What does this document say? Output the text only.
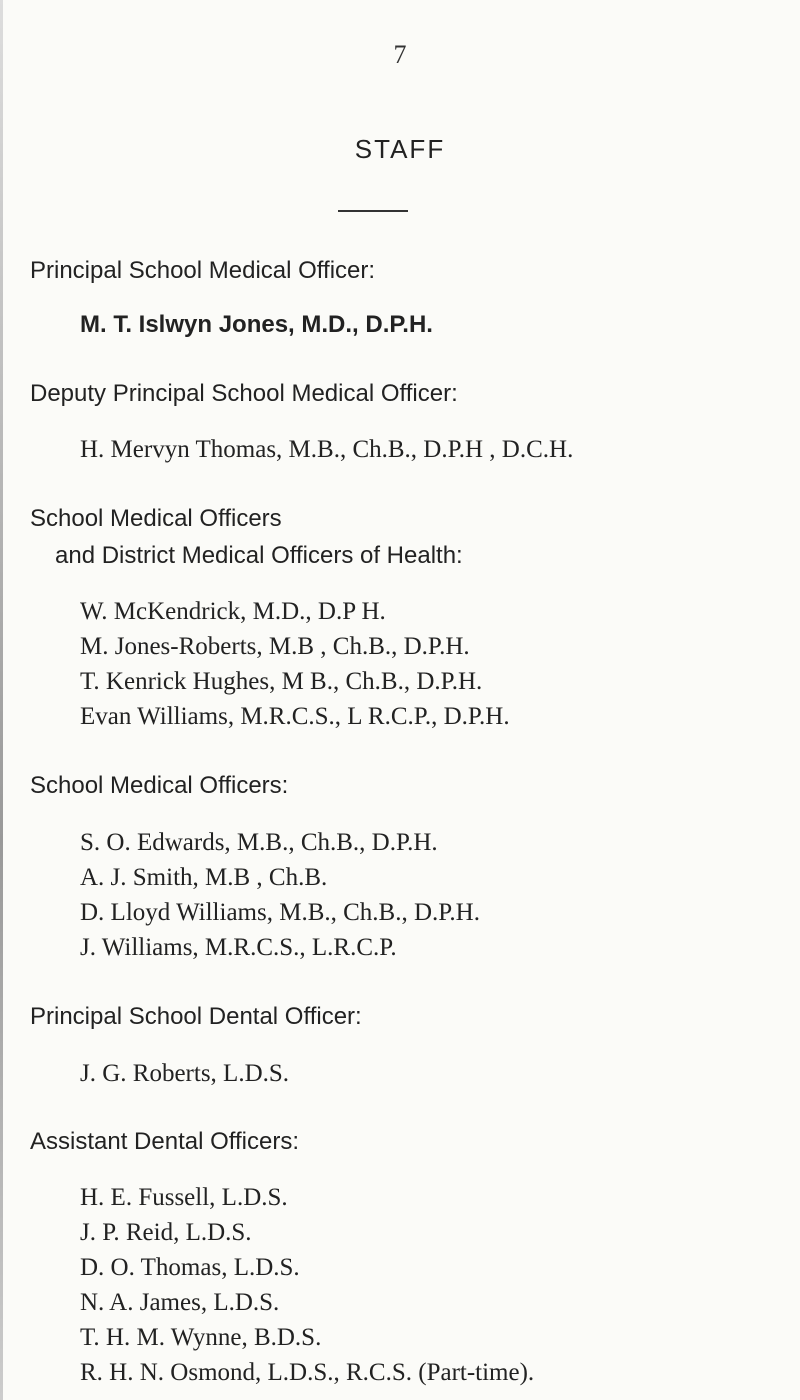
7
STAFF
Principal School Medical Officer:
M. T. Islwyn Jones, M.D., D.P.H.
Deputy Principal School Medical Officer:
H. Mervyn Thomas, M.B., Ch.B., D.P.H , D.C.H.
School Medical Officers
and District Medical Officers of Health:
W. McKendrick, M.D., D.P H.
M. Jones-Roberts, M.B , Ch.B., D.P.H.
T. Kenrick Hughes, M B., Ch.B., D.P.H.
Evan Williams, M.R.C.S., L R.C.P., D.P.H.
School Medical Officers:
S. O. Edwards, M.B., Ch.B., D.P.H.
A. J. Smith, M.B , Ch.B.
D. Lloyd Williams, M.B., Ch.B., D.P.H.
J. Williams, M.R.C.S., L.R.C.P.
Principal School Dental Officer:
J. G. Roberts, L.D.S.
Assistant Dental Officers:
H. E. Fussell, L.D.S.
J. P. Reid, L.D.S.
D. O. Thomas, L.D.S.
N. A. James, L.D.S.
T. H. M. Wynne, B.D.S.
R. H. N. Osmond, L.D.S., R.C.S. (Part-time).
